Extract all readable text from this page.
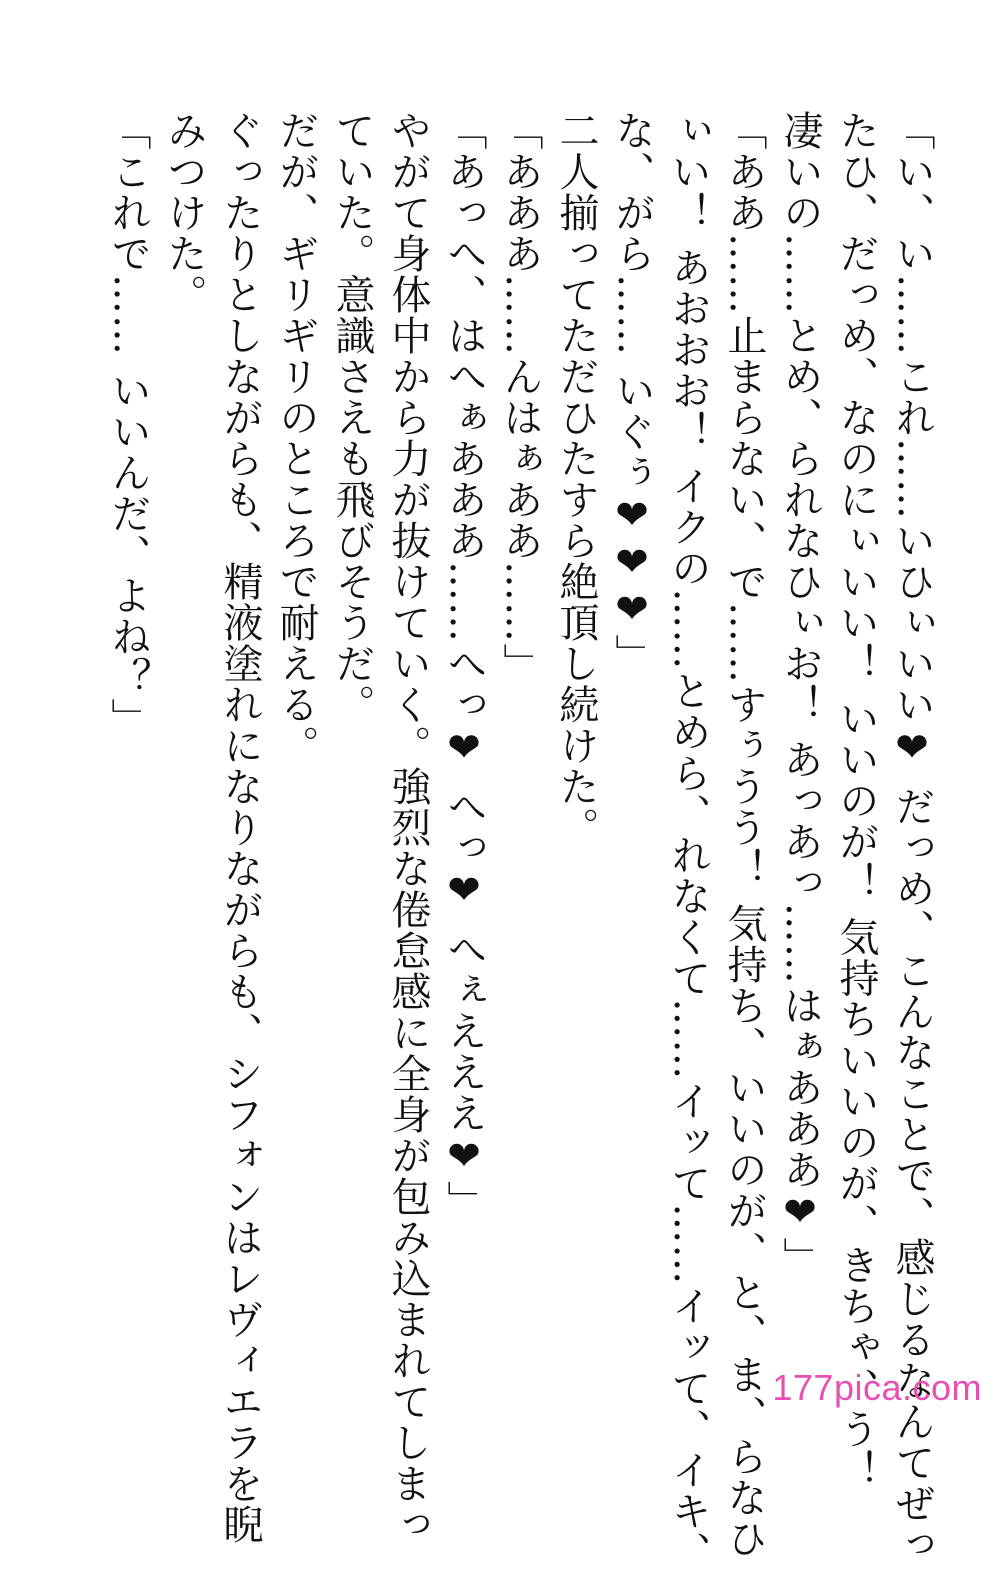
「い、い……これ……いひぃいい❤ だっめ、こんなことで、感じるなんてぜっ
たひ、だっめ、なのにぃいい！ いいのが！ 気持ちいいのが、きちゃ、う！
凄いの……とめ、られなひぃお！ あっあっ……はぁあああ❤」
「ああ……止まらない、で……すぅうう！ 気持ち、いいのが、と、ま、らなひ
ぃい！ あおおお！ イクの……とめら、れなくて……イッて……イッて、イキ、
な、がら…… いぐぅ❤❤❤」
二人揃ってただひたすら絶頂し続けた。
「あああ……んはぁああ……」
「あっへ、はへぁあああ……へっ❤ へっ❤ へぇえええ❤」
やがて身体中から力が抜けていく。強烈な倦怠感に全身が包み込まれてしまっ
ていた。意識さえも飛びそうだ。
だが、ギリギリのところで耐える。
ぐったりとしながらも、精液塗れになりながらも、シフォンはレヴィエラを睨
みつけた。
「これで…… いいんだ、よね？」
177pica.com
